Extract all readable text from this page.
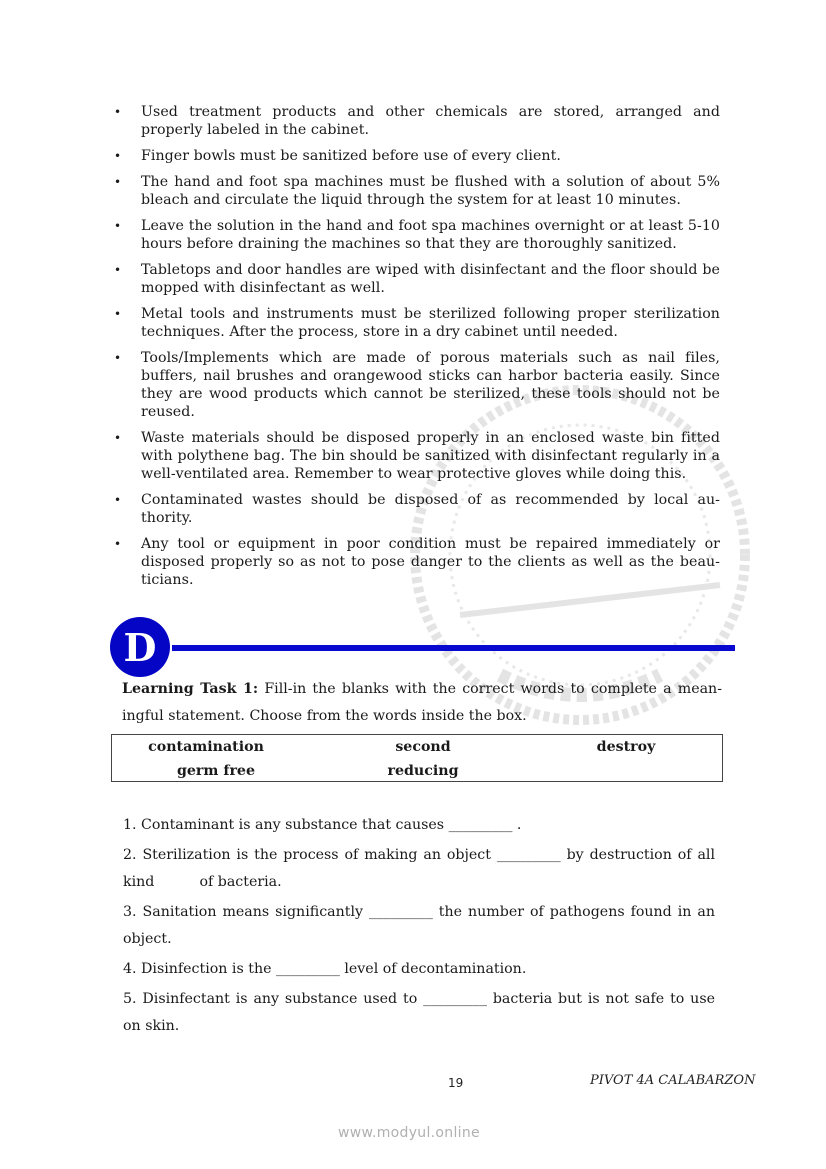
• Used treatment products and other chemicals are stored, arranged and properly labeled in the cabinet.
• Finger bowls must be sanitized before use of every client.
• The hand and foot spa machines must be flushed with a solution of about 5% bleach and circulate the liquid through the system for at least 10 minutes.
• Leave the solution in the hand and foot spa machines overnight or at least 5-10 hours before draining the machines so that they are thoroughly sanitized.
• Tabletops and door handles are wiped with disinfectant and the floor should be mopped with disinfectant as well.
• Metal tools and instruments must be sterilized following proper sterilization techniques. After the process, store in a dry cabinet until needed.
• Tools/Implements which are made of porous materials such as nail files, buffers, nail brushes and orangewood sticks can harbor bacteria easily. Since they are wood products which cannot be sterilized, these tools should not be reused.
• Waste materials should be disposed properly in an enclosed waste bin fitted with polythene bag. The bin should be sanitized with disinfectant regularly in a well-ventilated area. Remember to wear protective gloves while doing this.
• Contaminated wastes should be disposed of as recommended by local au-thority.
• Any tool or equipment in poor condition must be repaired immediately or disposed properly so as not to pose danger to the clients as well as the beau-ticians.
D
Learning Task 1: Fill-in the blanks with the correct words to complete a mean-ingful statement. Choose from the words inside the box.
contamination	second	destroy
germ free	reducing
1. Contaminant is any substance that causes _________ .
2. Sterilization is the process of making an object _________ by destruction of all kind          of bacteria.
3. Sanitation means significantly _________ the number of pathogens found in an object.
4. Disinfection is the _________ level of decontamination.
5. Disinfectant is any substance used to _________ bacteria but is not safe to use on skin.
19	PIVOT 4A CALABARZON
www.modyul.online
